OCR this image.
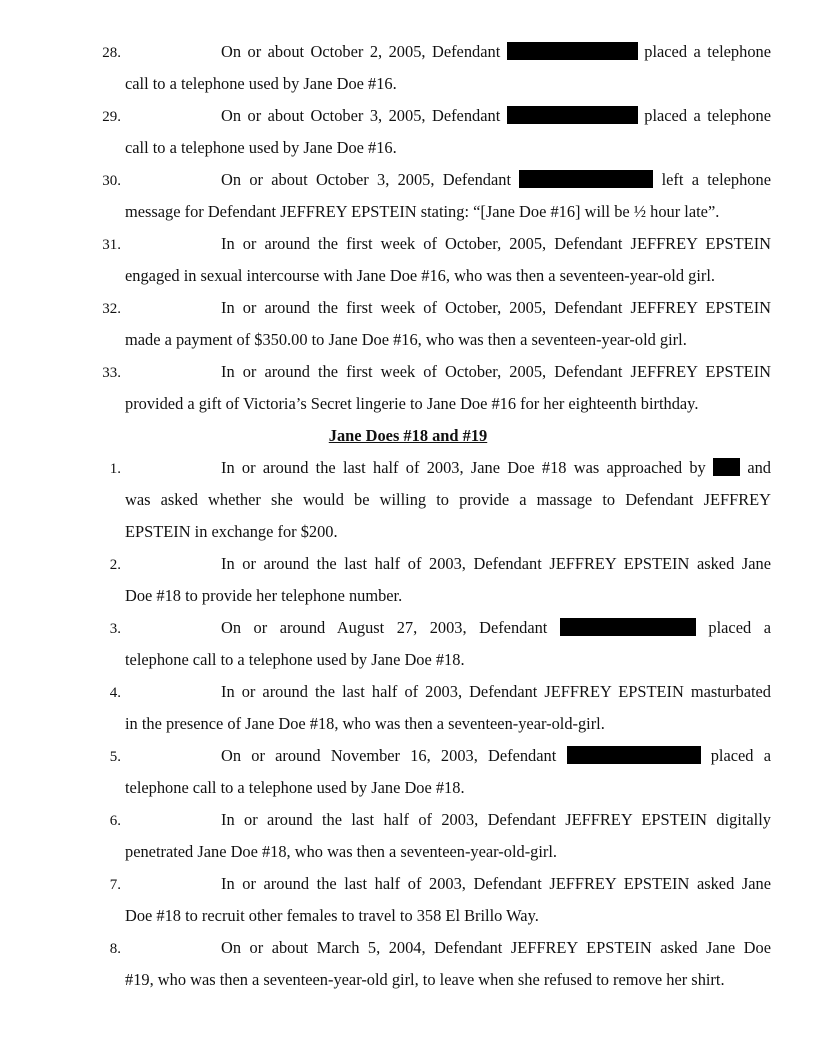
28.	On or about October 2, 2005, Defendant	placed a telephone
call to a telephone used by Jane Doe #16.
29.	On or about October 3, 2005, Defendant	placed a telephone
call to a telephone used by Jane Doe #16.
30.	On or about October 3, 2005, Defendant	left a telephone
message for Defendant JEFFREY EPSTEIN stating: “[Jane Doe #16] will be ½ hour late”.
31.	In or around the first week of October, 2005, Defendant JEFFREY EPSTEIN
engaged in sexual intercourse with Jane Doe #16, who was then a seventeen-year-old girl.
32.	In or around the first week of October, 2005, Defendant JEFFREY EPSTEIN
made a payment of $350.00 to Jane Doe #16, who was then a seventeen-year-old girl.
33.	In or around the first week of October, 2005, Defendant JEFFREY EPSTEIN
provided a gift of Victoria’s Secret lingerie to Jane Doe #16 for her eighteenth birthday.
Jane Does #18 and #19
1.	In or around the last half of 2003, Jane Doe #18 was approached by	and
was asked whether she would be willing to provide a massage to Defendant JEFFREY
EPSTEIN in exchange for $200.
2.	In or around the last half of 2003, Defendant JEFFREY EPSTEIN asked Jane
Doe #18 to provide her telephone number.
3.	On or around August 27, 2003, Defendant	placed a
telephone call to a telephone used by Jane Doe #18.
4.	In or around the last half of 2003, Defendant JEFFREY EPSTEIN masturbated
in the presence of Jane Doe #18, who was then a seventeen-year-old-girl.
5.	On or around November 16, 2003, Defendant	placed a
telephone call to a telephone used by Jane Doe #18.
6.	In or around the last half of 2003, Defendant JEFFREY EPSTEIN digitally
penetrated Jane Doe #18, who was then a seventeen-year-old-girl.
7.	In or around the last half of 2003, Defendant JEFFREY EPSTEIN asked Jane
Doe #18 to recruit other females to travel to 358 El Brillo Way.
8.	On or about March 5, 2004, Defendant JEFFREY EPSTEIN asked Jane Doe
#19, who was then a seventeen-year-old girl, to leave when she refused to remove her shirt.
